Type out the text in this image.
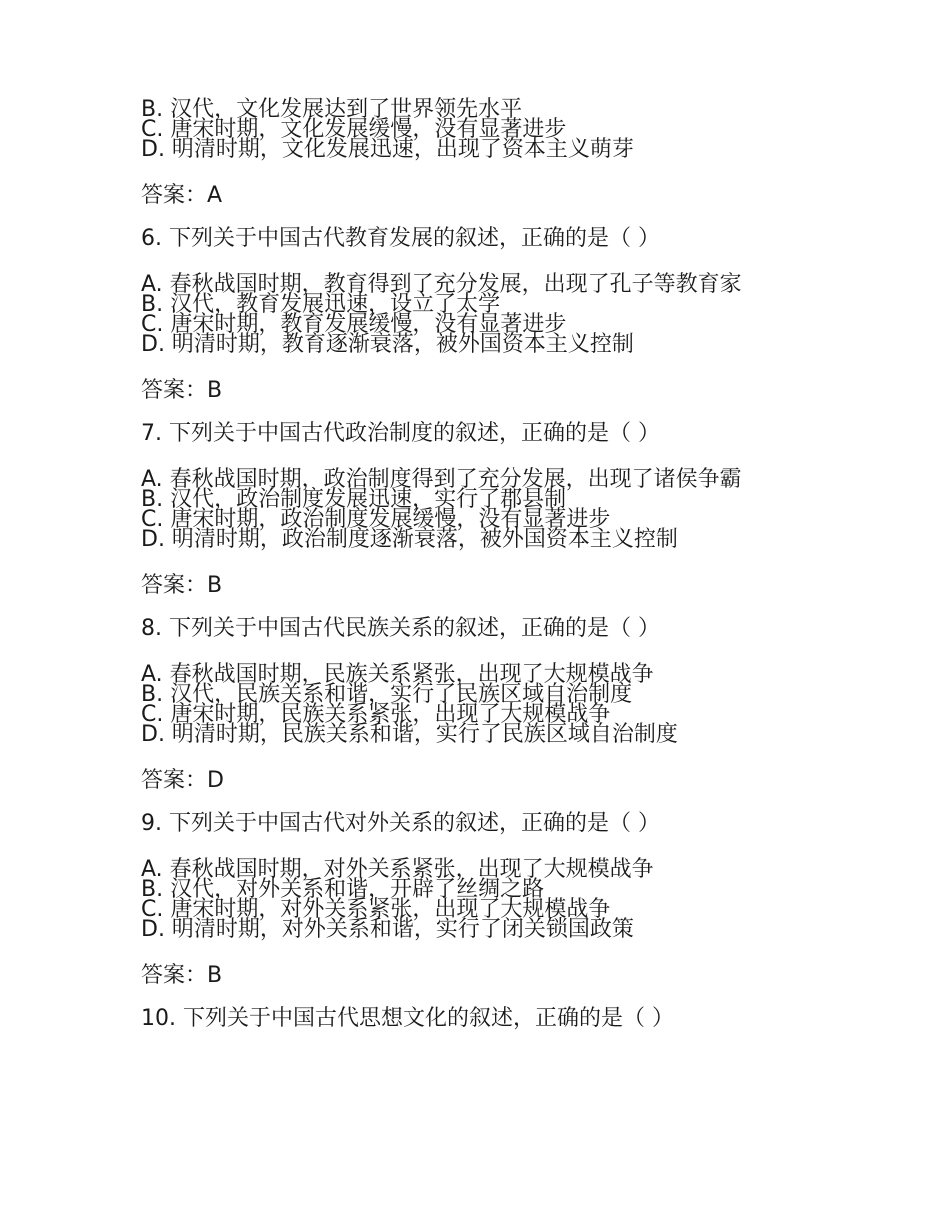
B. 汉代，文化发展达到了世界领先水平
C. 唐宋时期，文化发展缓慢，没有显著进步
D. 明清时期，文化发展迅速，出现了资本主义萌芽
答案：A
6. 下列关于中国古代教育发展的叙述，正确的是（ ）
A. 春秋战国时期，教育得到了充分发展，出现了孔子等教育家
B. 汉代，教育发展迅速，设立了太学
C. 唐宋时期，教育发展缓慢，没有显著进步
D. 明清时期，教育逐渐衰落，被外国资本主义控制
答案：B
7. 下列关于中国古代政治制度的叙述，正确的是（ ）
A. 春秋战国时期，政治制度得到了充分发展，出现了诸侯争霸
B. 汉代，政治制度发展迅速，实行了郡县制
C. 唐宋时期，政治制度发展缓慢，没有显著进步
D. 明清时期，政治制度逐渐衰落，被外国资本主义控制
答案：B
8. 下列关于中国古代民族关系的叙述，正确的是（ ）
A. 春秋战国时期，民族关系紧张，出现了大规模战争
B. 汉代，民族关系和谐，实行了民族区域自治制度
C. 唐宋时期，民族关系紧张，出现了大规模战争
D. 明清时期，民族关系和谐，实行了民族区域自治制度
答案：D
9. 下列关于中国古代对外关系的叙述，正确的是（ ）
A. 春秋战国时期，对外关系紧张，出现了大规模战争
B. 汉代，对外关系和谐，开辟了丝绸之路
C. 唐宋时期，对外关系紧张，出现了大规模战争
D. 明清时期，对外关系和谐，实行了闭关锁国政策
答案：B
10. 下列关于中国古代思想文化的叙述，正确的是（ ）
